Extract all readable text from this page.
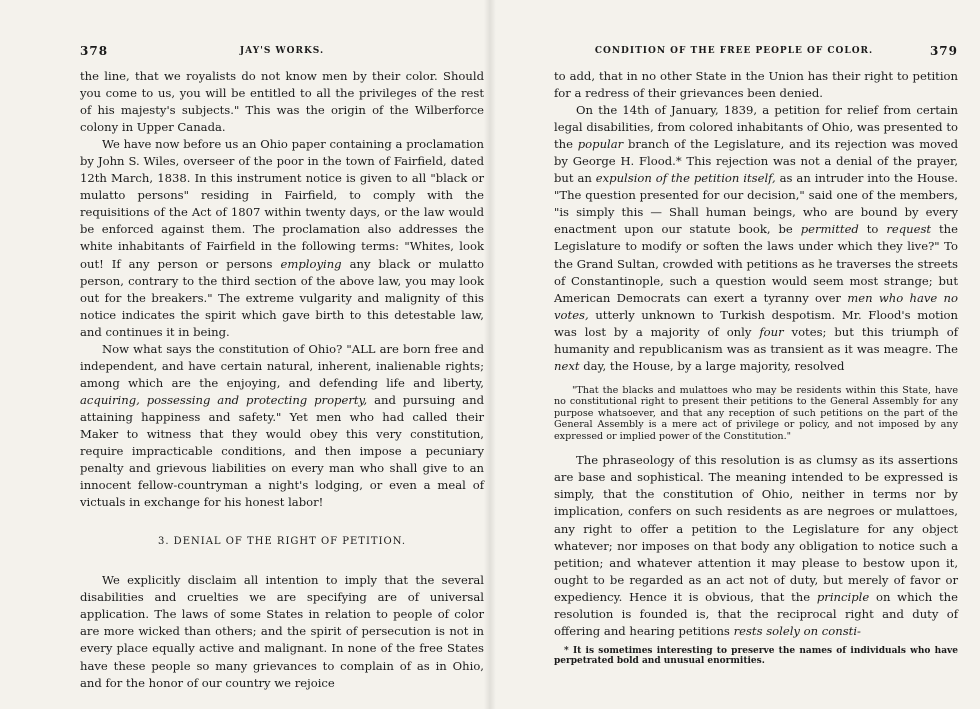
378	JAY'S WORKS.

the line, that we royalists do not know men by their color. Should you come to us, you will be entitled to all the privileges of the rest of his majesty's subjects." This was the origin of the Wilberforce colony in Upper Canada.

We have now before us an Ohio paper containing a proclamation by John S. Wiles, overseer of the poor in the town of Fairfield, dated 12th March, 1838. In this instrument notice is given to all "black or mulatto persons" residing in Fairfield, to comply with the requisitions of the Act of 1807 within twenty days, or the law would be enforced against them. The proclamation also addresses the white inhabitants of Fairfield in the following terms: "Whites, look out! If any person or persons employing any black or mulatto person, contrary to the third section of the above law, you may look out for the breakers." The extreme vulgarity and malignity of this notice indicates the spirit which gave birth to this detestable law, and continues it in being.

Now what says the constitution of Ohio? "ALL are born free and independent, and have certain natural, inherent, inalienable rights; among which are the enjoying, and defending life and liberty, acquiring, possessing and protecting property, and pursuing and attaining happiness and safety." Yet men who had called their Maker to witness that they would obey this very constitution, require impracticable conditions, and then impose a pecuniary penalty and grievous liabilities on every man who shall give to an innocent fellow-countryman a night's lodging, or even a meal of victuals in exchange for his honest labor!

3. DENIAL OF THE RIGHT OF PETITION.

We explicitly disclaim all intention to imply that the several disabilities and cruelties we are specifying are of universal application. The laws of some States in relation to people of color are more wicked than others; and the spirit of persecution is not in every place equally active and malignant. In none of the free States have these people so many grievances to complain of as in Ohio, and for the honor of our country we rejoice

CONDITION OF THE FREE PEOPLE OF COLOR.	379

to add, that in no other State in the Union has their right to petition for a redress of their grievances been denied.

On the 14th of January, 1839, a petition for relief from certain legal disabilities, from colored inhabitants of Ohio, was presented to the popular branch of the Legislature, and its rejection was moved by George H. Flood.* This rejection was not a denial of the prayer, but an expulsion of the petition itself, as an intruder into the House. "The question presented for our decision," said one of the members, "is simply this — Shall human beings, who are bound by every enactment upon our statute book, be permitted to request the Legislature to modify or soften the laws under which they live?" To the Grand Sultan, crowded with petitions as he traverses the streets of Constantinople, such a question would seem most strange; but American Democrats can exert a tyranny over men who have no votes, utterly unknown to Turkish despotism. Mr. Flood's motion was lost by a majority of only four votes; but this triumph of humanity and republicanism was as transient as it was meagre. The next day, the House, by a large majority, resolved

"That the blacks and mulattoes who may be residents within this State, have no constitutional right to present their petitions to the General Assembly for any purpose whatsoever, and that any reception of such petitions on the part of the General Assembly is a mere act of privilege or policy, and not imposed by any expressed or implied power of the Constitution."

The phraseology of this resolution is as clumsy as its assertions are base and sophistical. The meaning intended to be expressed is simply, that the constitution of Ohio, neither in terms nor by implication, confers on such residents as are negroes or mulattoes, any right to offer a petition to the Legislature for any object whatever; nor imposes on that body any obligation to notice such a petition; and whatever attention it may please to bestow upon it, ought to be regarded as an act not of duty, but merely of favor or expediency. Hence it is obvious, that the principle on which the resolution is founded is, that the reciprocal right and duty of offering and hearing petitions rests solely on consti-

* It is sometimes interesting to preserve the names of individuals who have perpetrated bold and unusual enormities.
